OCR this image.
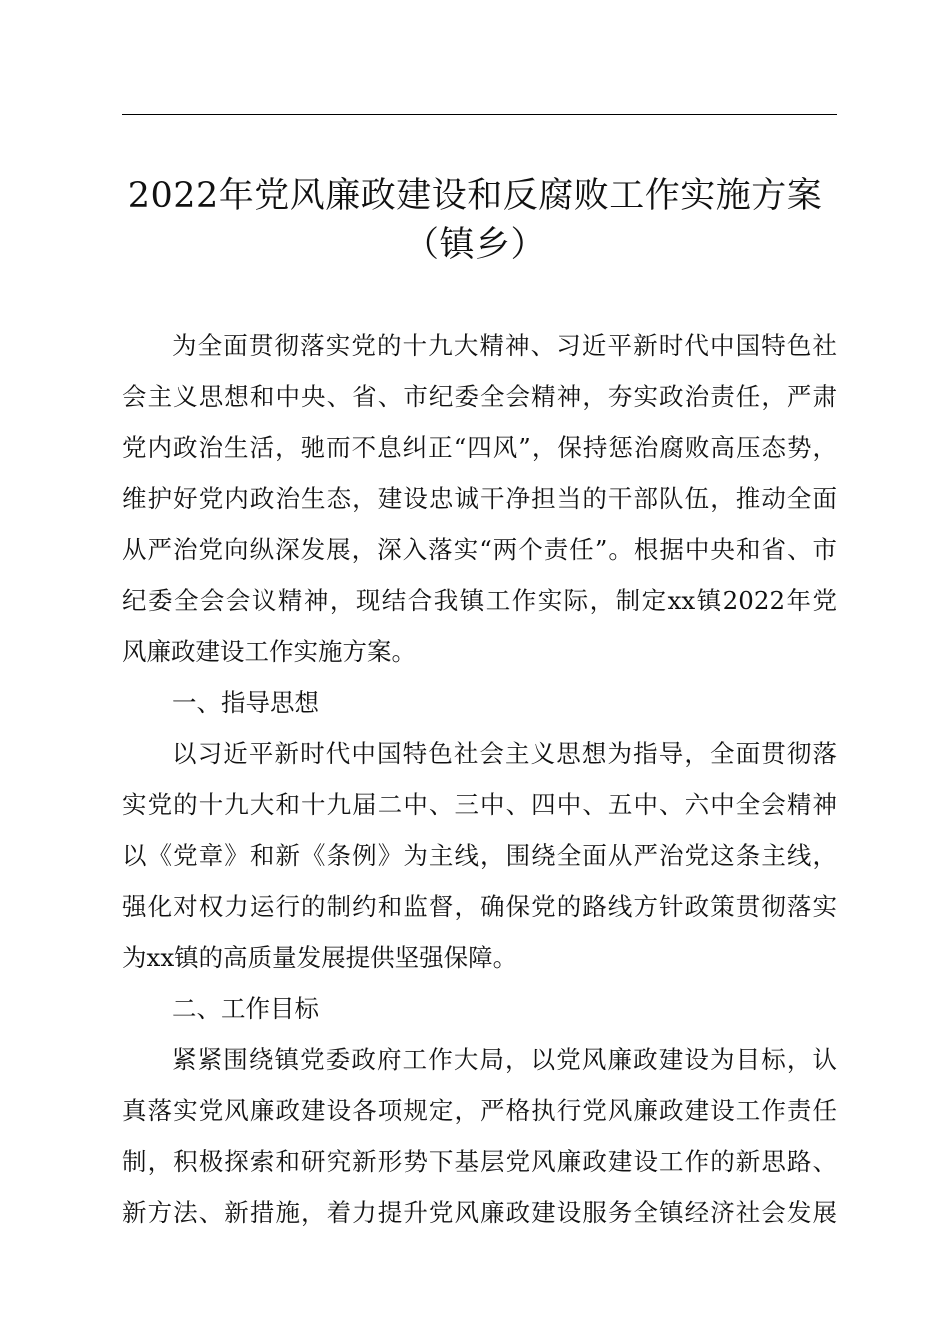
2022年党风廉政建设和反腐败工作实施方案
（镇乡）
为全面贯彻落实党的十九大精神、习近平新时代中国特色社
会主义思想和中央、省、市纪委全会精神，夯实政治责任，严肃
党内政治生活，驰而不息纠正“四风”，保持惩治腐败高压态势，
维护好党内政治生态，建设忠诚干净担当的干部队伍，推动全面
从严治党向纵深发展，深入落实“两个责任”。根据中央和省、市
纪委全会会议精神，现结合我镇工作实际，制定xx镇2022年党
风廉政建设工作实施方案。
一、指导思想
以习近平新时代中国特色社会主义思想为指导，全面贯彻落
实党的十九大和十九届二中、三中、四中、五中、六中全会精神
以《党章》和新《条例》为主线，围绕全面从严治党这条主线，
强化对权力运行的制约和监督，确保党的路线方针政策贯彻落实
为xx镇的高质量发展提供坚强保障。
二、工作目标
紧紧围绕镇党委政府工作大局，以党风廉政建设为目标，认
真落实党风廉政建设各项规定，严格执行党风廉政建设工作责任
制，积极探索和研究新形势下基层党风廉政建设工作的新思路、
新方法、新措施，着力提升党风廉政建设服务全镇经济社会发展
